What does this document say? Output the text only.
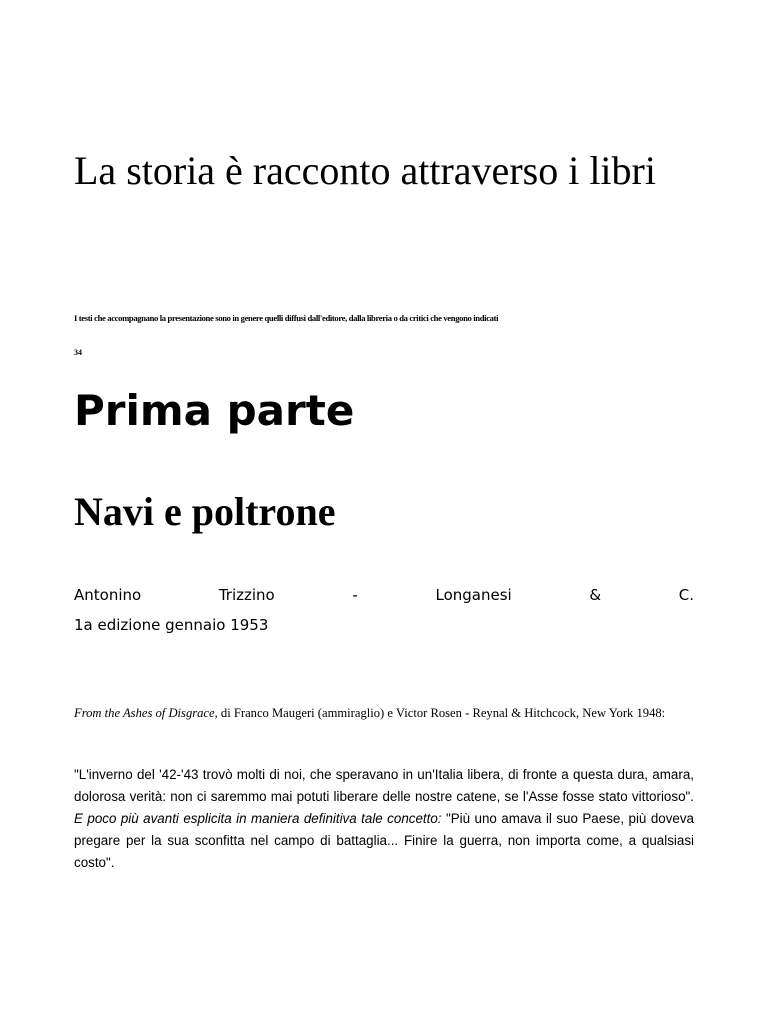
La storia è racconto attraverso i libri

I testi che accompagnano la presentazione sono in genere quelli diffusi dall'editore, dalla libreria o da critici che vengono indicati

34

Prima parte
Navi e poltrone
Antonino	Trizzino	-	Longanesi	&	C.
1a edizione gennaio 1953

From the Ashes of Disgrace, di Franco Maugeri (ammiraglio) e Victor Rosen - Reynal & Hitchcock, New York 1948:

"L'inverno del '42-'43 trovò molti di noi, che speravano in un'Italia libera, di fronte a questa dura, amara, dolorosa verità: non ci saremmo mai potuti liberare delle nostre catene, se l'Asse fosse stato vittorioso". E poco più avanti esplicita in maniera definitiva tale concetto: "Più uno amava il suo Paese, più doveva pregare per la sua sconfitta nel campo di battaglia... Finire la guerra, non importa come, a qualsiasi costo".
